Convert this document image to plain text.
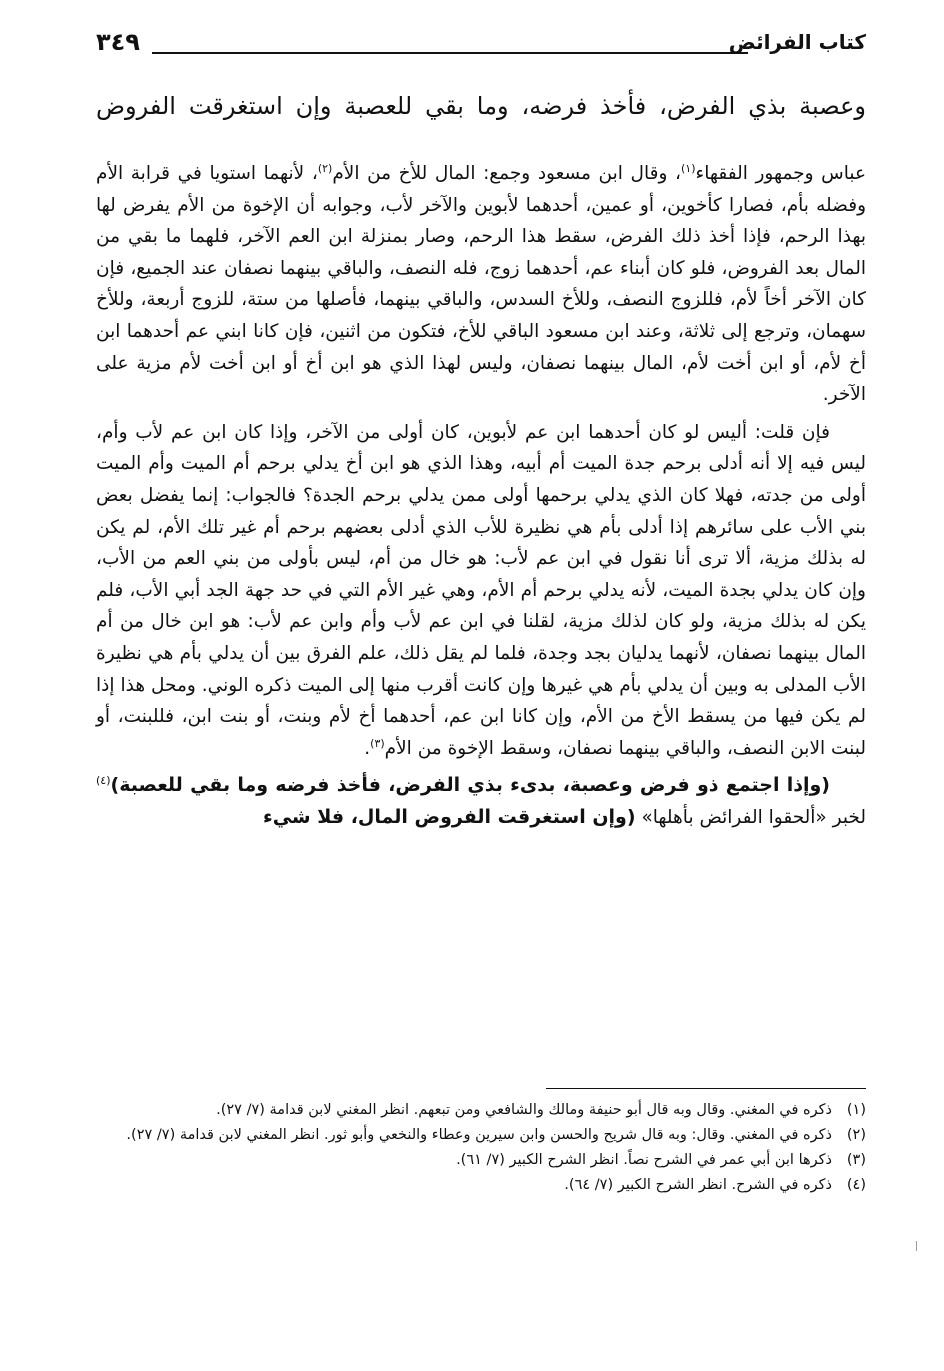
٣٤٩	كتاب الفرائض
وعصبة بذي الفرض، فأخذ فرضه، وما بقي للعصبة وإن استغرقت الفروض

عباس وجمهور الفقهاء$^{(١)}$، وقال ابن مسعود وجمع: المال للأخ من الأم$^{(٢)}$، لأنهما استويا في قرابة الأم وفضله بأم، فصارا كأخوين، أو عمين، أحدهما لأبوين والآخر لأب، وجوابه أن الإخوة من الأم يفرض لها بهذا الرحم، فإذا أخذ ذلك الفرض، سقط هذا الرحم، وصار بمنزلة ابن العم الآخر، فلهما ما بقي من المال بعد الفروض، فلو كان أبناء عم، أحدهما زوج، فله النصف، والباقي بينهما نصفان عند الجميع، فإن كان الآخر أخاً لأم، فللزوج النصف، وللأخ السدس، والباقي بينهما، فأصلها من ستة، للزوج أربعة، وللأخ سهمان، وترجع إلى ثلاثة، وعند ابن مسعود الباقي للأخ، فتكون من اثنين، فإن كانا ابني عم أحدهما ابن أخ لأم، أو ابن أخت لأم، المال بينهما نصفان، وليس لهذا الذي هو ابن أخ أو ابن أخت لأم مزية على الآخر.

فإن قلت: أليس لو كان أحدهما ابن عم لأبوين، كان أولى من الآخر، وإذا كان ابن عم لأب وأم، ليس فيه إلا أنه أدلى برحم جدة الميت أم أبيه، وهذا الذي هو ابن أخ يدلي برحم أم الميت وأم الميت أولى من جدته، فهلا كان الذي يدلي برحمها أولى ممن يدلي برحم الجدة؟ فالجواب: إنما يفضل بعض بني الأب على سائرهم إذا أدلى بأم هي نظيرة للأب الذي أدلى بعضهم برحم أم غير تلك الأم، لم يكن له بذلك مزية، ألا ترى أنا نقول في ابن عم لأب: هو خال من أم، ليس بأولى من بني العم من الأب، وإن كان يدلي بجدة الميت، لأنه يدلي برحم أم الأم، وهي غير الأم التي في حد جهة الجد أبي الأب، فلم يكن له بذلك مزية، ولو كان لذلك مزية، لقلنا في ابن عم لأب وأم وابن عم لأب: هو ابن خال من أم المال بينهما نصفان، لأنهما يدليان بجد وجدة، فلما لم يقل ذلك، علم الفرق بين أن يدلي بأم هي نظيرة الأب المدلى به وبين أن يدلي بأم هي غيرها وإن كانت أقرب منها إلى الميت ذكره الوني. ومحل هذا إذا لم يكن فيها من يسقط الأخ من الأم، وإن كانا ابن عم، أحدهما أخ لأم وبنت، أو بنت ابن، فللبنت، أو لبنت الابن النصف، والباقي بينهما نصفان، وسقط الإخوة من الأم$^{(٣)}$.

(وإذا اجتمع ذو فرض وعصبة، بدىء بذي الفرض، فأخذ فرضه وما بقي للعصبة)$^{(٤)}$ لخبر «ألحقوا الفرائض بأهلها» (وإن استغرقت الفروض المال، فلا شيء

(١)
ذكره في المغني. وقال وبه قال أبو حنيفة ومالك والشافعي ومن تبعهم. انظر المغني لابن قدامة (٧/ ٢٧).
(٢)
ذكره في المغني. وقال: وبه قال شريح والحسن وابن سيرين وعطاء والنخعي وأبو ثور. انظر المغني لابن قدامة (٧/ ٢٧).
(٣)
ذكرها ابن أبي عمر في الشرح نصاً. انظر الشرح الكبير (٧/ ٦١).
(٤)
ذكره في الشرح. انظر الشرح الكبير (٧/ ٦٤).
